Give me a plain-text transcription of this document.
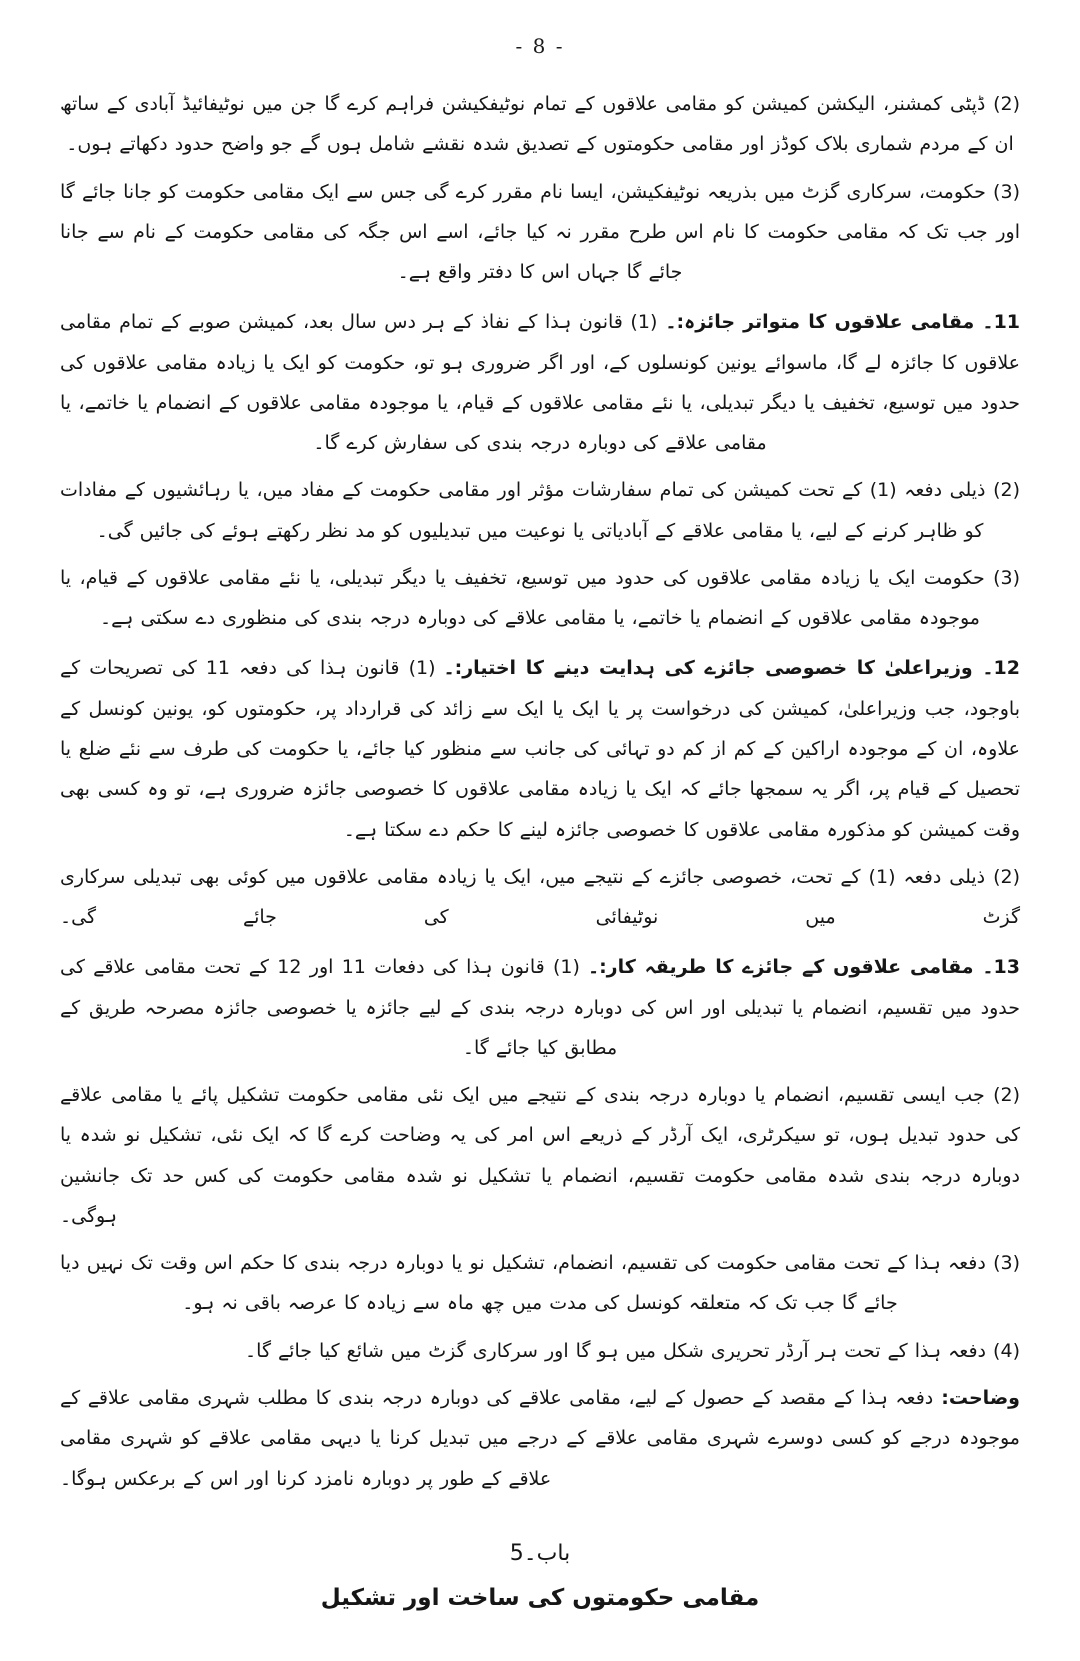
- 8 -

(2) ڈپٹی کمشنر، الیکشن کمیشن کو مقامی علاقوں کے تمام نوٹیفکیشن فراہم کرے گا جن میں نوٹیفائیڈ آبادی کے ساتھ ان کے مردم شماری بلاک کوڈز اور مقامی حکومتوں کے تصدیق شدہ نقشے شامل ہوں گے جو واضح حدود دکھاتے ہوں۔

(3) حکومت، سرکاری گزٹ میں بذریعہ نوٹیفکیشن، ایسا نام مقرر کرے گی جس سے ایک مقامی حکومت کو جانا جائے گا اور جب تک کہ مقامی حکومت کا نام اس طرح مقرر نہ کیا جائے، اسے اس جگہ کی مقامی حکومت کے نام سے جانا جائے گا جہاں اس کا دفتر واقع ہے۔

11۔ مقامی علاقوں کا متواتر جائزہ:۔(1) قانون ہذا کے نفاذ کے ہر دس سال بعد، کمیشن صوبے کے تمام مقامی علاقوں کا جائزہ لے گا، ماسوائے یونین کونسلوں کے، اور اگر ضروری ہو تو، حکومت کو ایک یا زیادہ مقامی علاقوں کی حدود میں توسیع، تخفیف یا دیگر تبدیلی، یا نئے مقامی علاقوں کے قیام، یا موجودہ مقامی علاقوں کے انضمام یا خاتمے، یا مقامی علاقے کی دوبارہ درجہ بندی کی سفارش کرے گا۔

(2) ذیلی دفعہ (1) کے تحت کمیشن کی تمام سفارشات مؤثر اور مقامی حکومت کے مفاد میں، یا رہائشیوں کے مفادات کو ظاہر کرنے کے لیے، یا مقامی علاقے کے آبادیاتی یا نوعیت میں تبدیلیوں کو مد نظر رکھتے ہوئے کی جائیں گی۔

(3) حکومت ایک یا زیادہ مقامی علاقوں کی حدود میں توسیع، تخفیف یا دیگر تبدیلی، یا نئے مقامی علاقوں کے قیام، یا موجودہ مقامی علاقوں کے انضمام یا خاتمے، یا مقامی علاقے کی دوبارہ درجہ بندی کی منظوری دے سکتی ہے۔

12۔ وزیراعلیٰ کا خصوصی جائزے کی ہدایت دینے کا اختیار:۔(1) قانون ہذا کی دفعہ 11 کی تصریحات کے باوجود، جب وزیراعلیٰ، کمیشن کی درخواست پر یا ایک یا ایک سے زائد کی قرارداد پر، حکومتوں کو، یونین کونسل کے علاوہ، ان کے موجودہ اراکین کے کم از کم دو تہائی کی جانب سے منظور کیا جائے، یا حکومت کی طرف سے نئے ضلع یا تحصیل کے قیام پر، اگر یہ سمجھا جائے کہ ایک یا زیادہ مقامی علاقوں کا خصوصی جائزہ ضروری ہے، تو وہ کسی بھی وقت کمیشن کو مذکورہ مقامی علاقوں کا خصوصی جائزہ لینے کا حکم دے سکتا ہے۔

(2) ذیلی دفعہ (1) کے تحت، خصوصی جائزے کے نتیجے میں، ایک یا زیادہ مقامی علاقوں میں کوئی بھی تبدیلی سرکاری گزٹ میں نوٹیفائی کی جائے گی۔

13۔ مقامی علاقوں کے جائزے کا طریقہ کار:۔(1) قانون ہذا کی دفعات 11 اور 12 کے تحت مقامی علاقے کی حدود میں تقسیم، انضمام یا تبدیلی اور اس کی دوبارہ درجہ بندی کے لیے جائزہ یا خصوصی جائزہ مصرحہ طریق کے مطابق کیا جائے گا۔

(2) جب ایسی تقسیم، انضمام یا دوبارہ درجہ بندی کے نتیجے میں ایک نئی مقامی حکومت تشکیل پائے یا مقامی علاقے کی حدود تبدیل ہوں، تو سیکرٹری، ایک آرڈر کے ذریعے اس امر کی یہ وضاحت کرے گا کہ ایک نئی، تشکیل نو شدہ یا دوبارہ درجہ بندی شدہ مقامی حکومت تقسیم، انضمام یا تشکیل نو شدہ مقامی حکومت کی کس حد تک جانشین ہوگی۔

(3) دفعہ ہذا کے تحت مقامی حکومت کی تقسیم، انضمام، تشکیل نو یا دوبارہ درجہ بندی کا حکم اس وقت تک نہیں دیا جائے گا جب تک کہ متعلقہ کونسل کی مدت میں چھ ماہ سے زیادہ کا عرصہ باقی نہ ہو۔

(4) دفعہ ہذا کے تحت ہر آرڈر تحریری شکل میں ہو گا اور سرکاری گزٹ میں شائع کیا جائے گا۔

وضاحت:دفعہ ہذا کے مقصد کے حصول کے لیے، مقامی علاقے کی دوبارہ درجہ بندی کا مطلب شہری مقامی علاقے کے موجودہ درجے کو کسی دوسرے شہری مقامی علاقے کے درجے میں تبدیل کرنا یا دیہی مقامی علاقے کو شہری مقامی علاقے کے طور پر دوبارہ نامزد کرنا اور اس کے برعکس ہوگا۔

باب۔5
مقامی حکومتوں کی ساخت اور تشکیل
